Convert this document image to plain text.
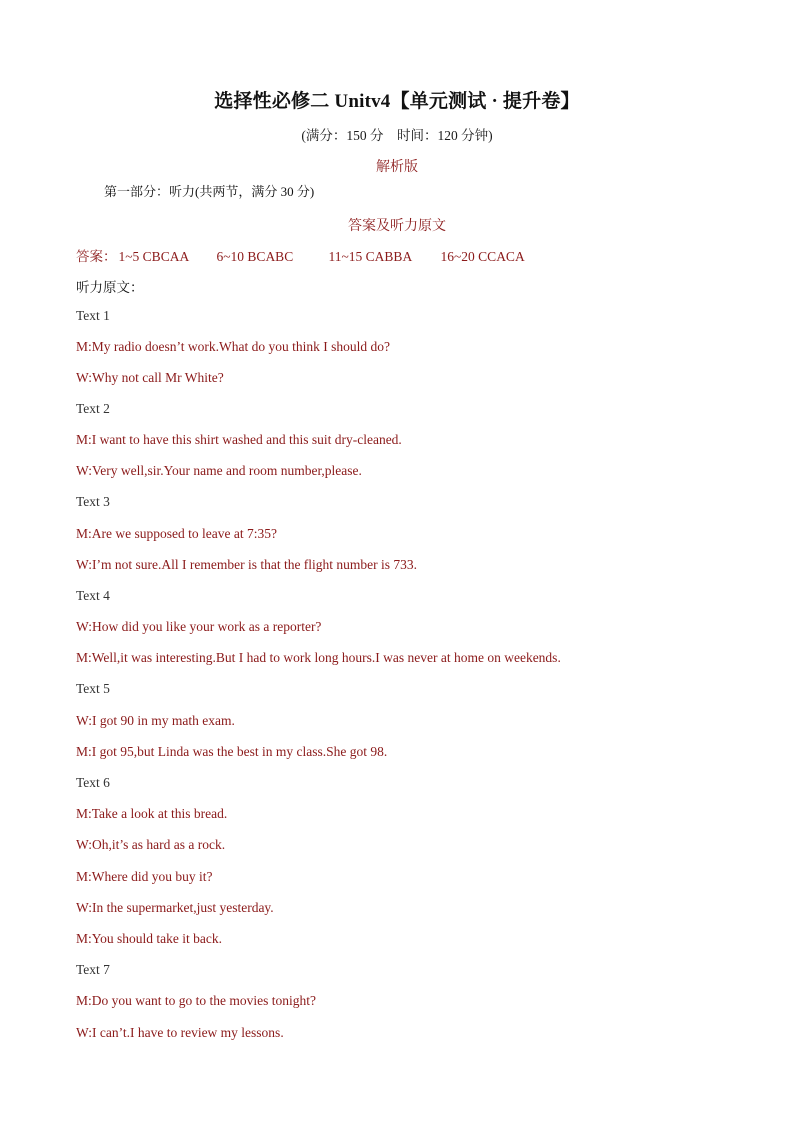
选择性必修二 Unitv4【单元测试 · 提升卷】
(满分：150 分　时间：120 分钟)
解析版
第一部分：听力(共两节，满分 30 分)
答案及听力原文
答案： 1~5 CBCAA 6~10 BCABC	11~15 CABBA 16~20 CCACA
听力原文：
Text 1
M:My radio doesn’t work.What do you think I should do?
W:Why not call Mr White?
Text 2
M:I want to have this shirt washed and this suit dry-cleaned.
W:Very well,sir.Your name and room number,please.
Text 3
M:Are we supposed to leave at 7:35?
W:I’m not sure.All I remember is that the flight number is 733.
Text 4
W:How did you like your work as a reporter?
M:Well,it was interesting.But I had to work long hours.I was never at home on weekends.
Text 5
W:I got 90 in my math exam.
M:I got 95,but Linda was the best in my class.She got 98.
Text 6
M:Take a look at this bread.
W:Oh,it’s as hard as a rock.
M:Where did you buy it?
W:In the supermarket,just yesterday.
M:You should take it back.
Text 7
M:Do you want to go to the movies tonight?
W:I can’t.I have to review my lessons.
